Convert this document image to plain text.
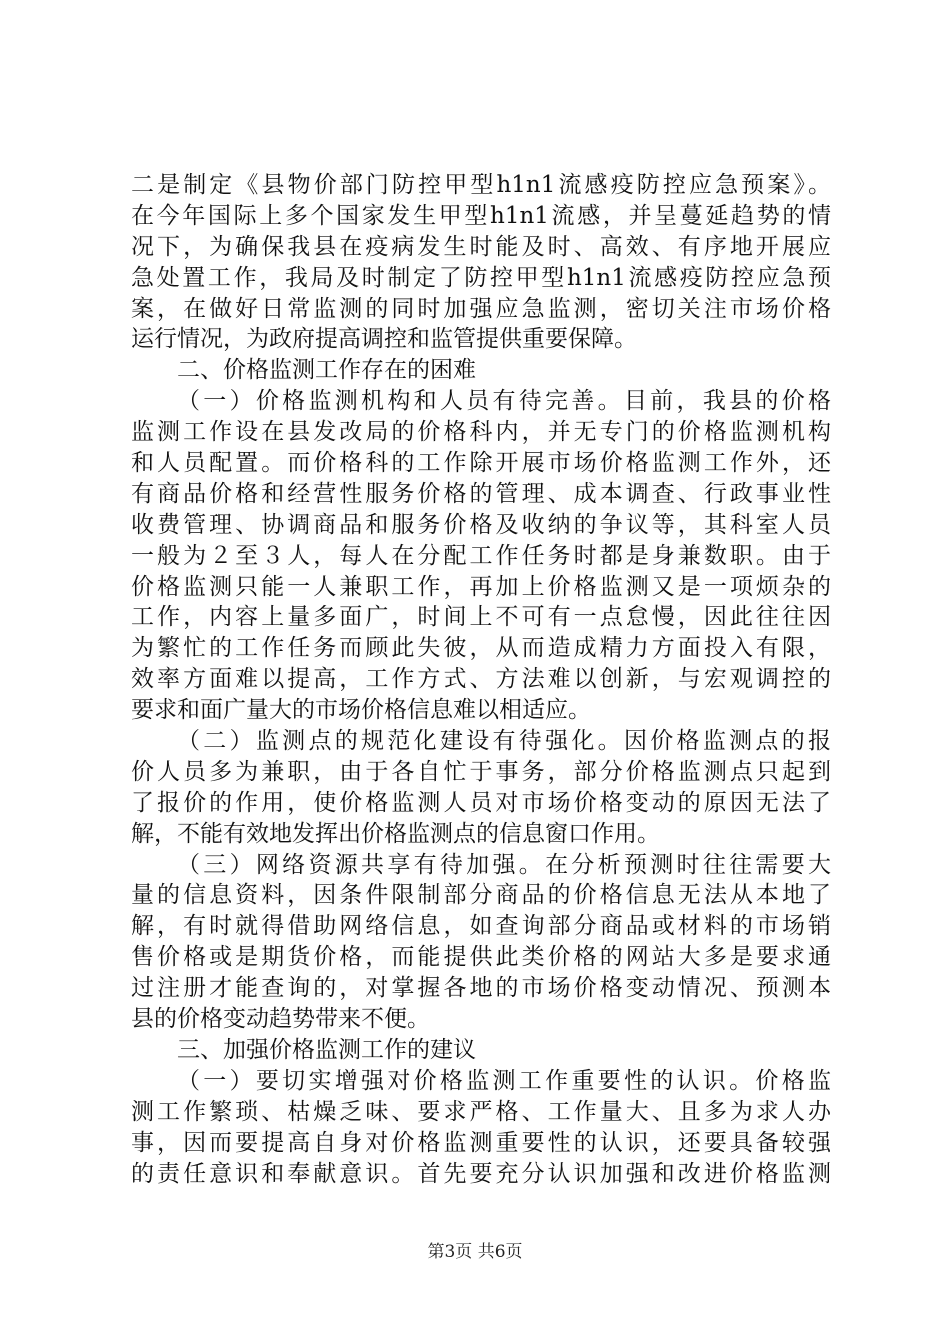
二是制定《县物价部门防控甲型h1n1流感疫防控应急预案》。
在今年国际上多个国家发生甲型h1n1流感，并呈蔓延趋势的情
况下，为确保我县在疫病发生时能及时、高效、有序地开展应
急处置工作，我局及时制定了防控甲型h1n1流感疫防控应急预
案，在做好日常监测的同时加强应急监测，密切关注市场价格
运行情况，为政府提高调控和监管提供重要保障。
二、价格监测工作存在的困难
（一）价格监测机构和人员有待完善。目前，我县的价格
监测工作设在县发改局的价格科内，并无专门的价格监测机构
和人员配置。而价格科的工作除开展市场价格监测工作外，还
有商品价格和经营性服务价格的管理、成本调查、行政事业性
收费管理、协调商品和服务价格及收纳的争议等，其科室人员
一般为２至３人，每人在分配工作任务时都是身兼数职。由于
价格监测只能一人兼职工作，再加上价格监测又是一项烦杂的
工作，内容上量多面广，时间上不可有一点怠慢，因此往往因
为繁忙的工作任务而顾此失彼，从而造成精力方面投入有限，
效率方面难以提高，工作方式、方法难以创新，与宏观调控的
要求和面广量大的市场价格信息难以相适应。
（二）监测点的规范化建设有待强化。因价格监测点的报
价人员多为兼职，由于各自忙于事务，部分价格监测点只起到
了报价的作用，使价格监测人员对市场价格变动的原因无法了
解，不能有效地发挥出价格监测点的信息窗口作用。
（三）网络资源共享有待加强。在分析预测时往往需要大
量的信息资料，因条件限制部分商品的价格信息无法从本地了
解，有时就得借助网络信息，如查询部分商品或材料的市场销
售价格或是期货价格，而能提供此类价格的网站大多是要求通
过注册才能查询的，对掌握各地的市场价格变动情况、预测本
县的价格变动趋势带来不便。
三、加强价格监测工作的建议
（一）要切实增强对价格监测工作重要性的认识。价格监
测工作繁琐、枯燥乏味、要求严格、工作量大、且多为求人办
事，因而要提高自身对价格监测重要性的认识，还要具备较强
的责任意识和奉献意识。首先要充分认识加强和改进价格监测
第3页 共6页
